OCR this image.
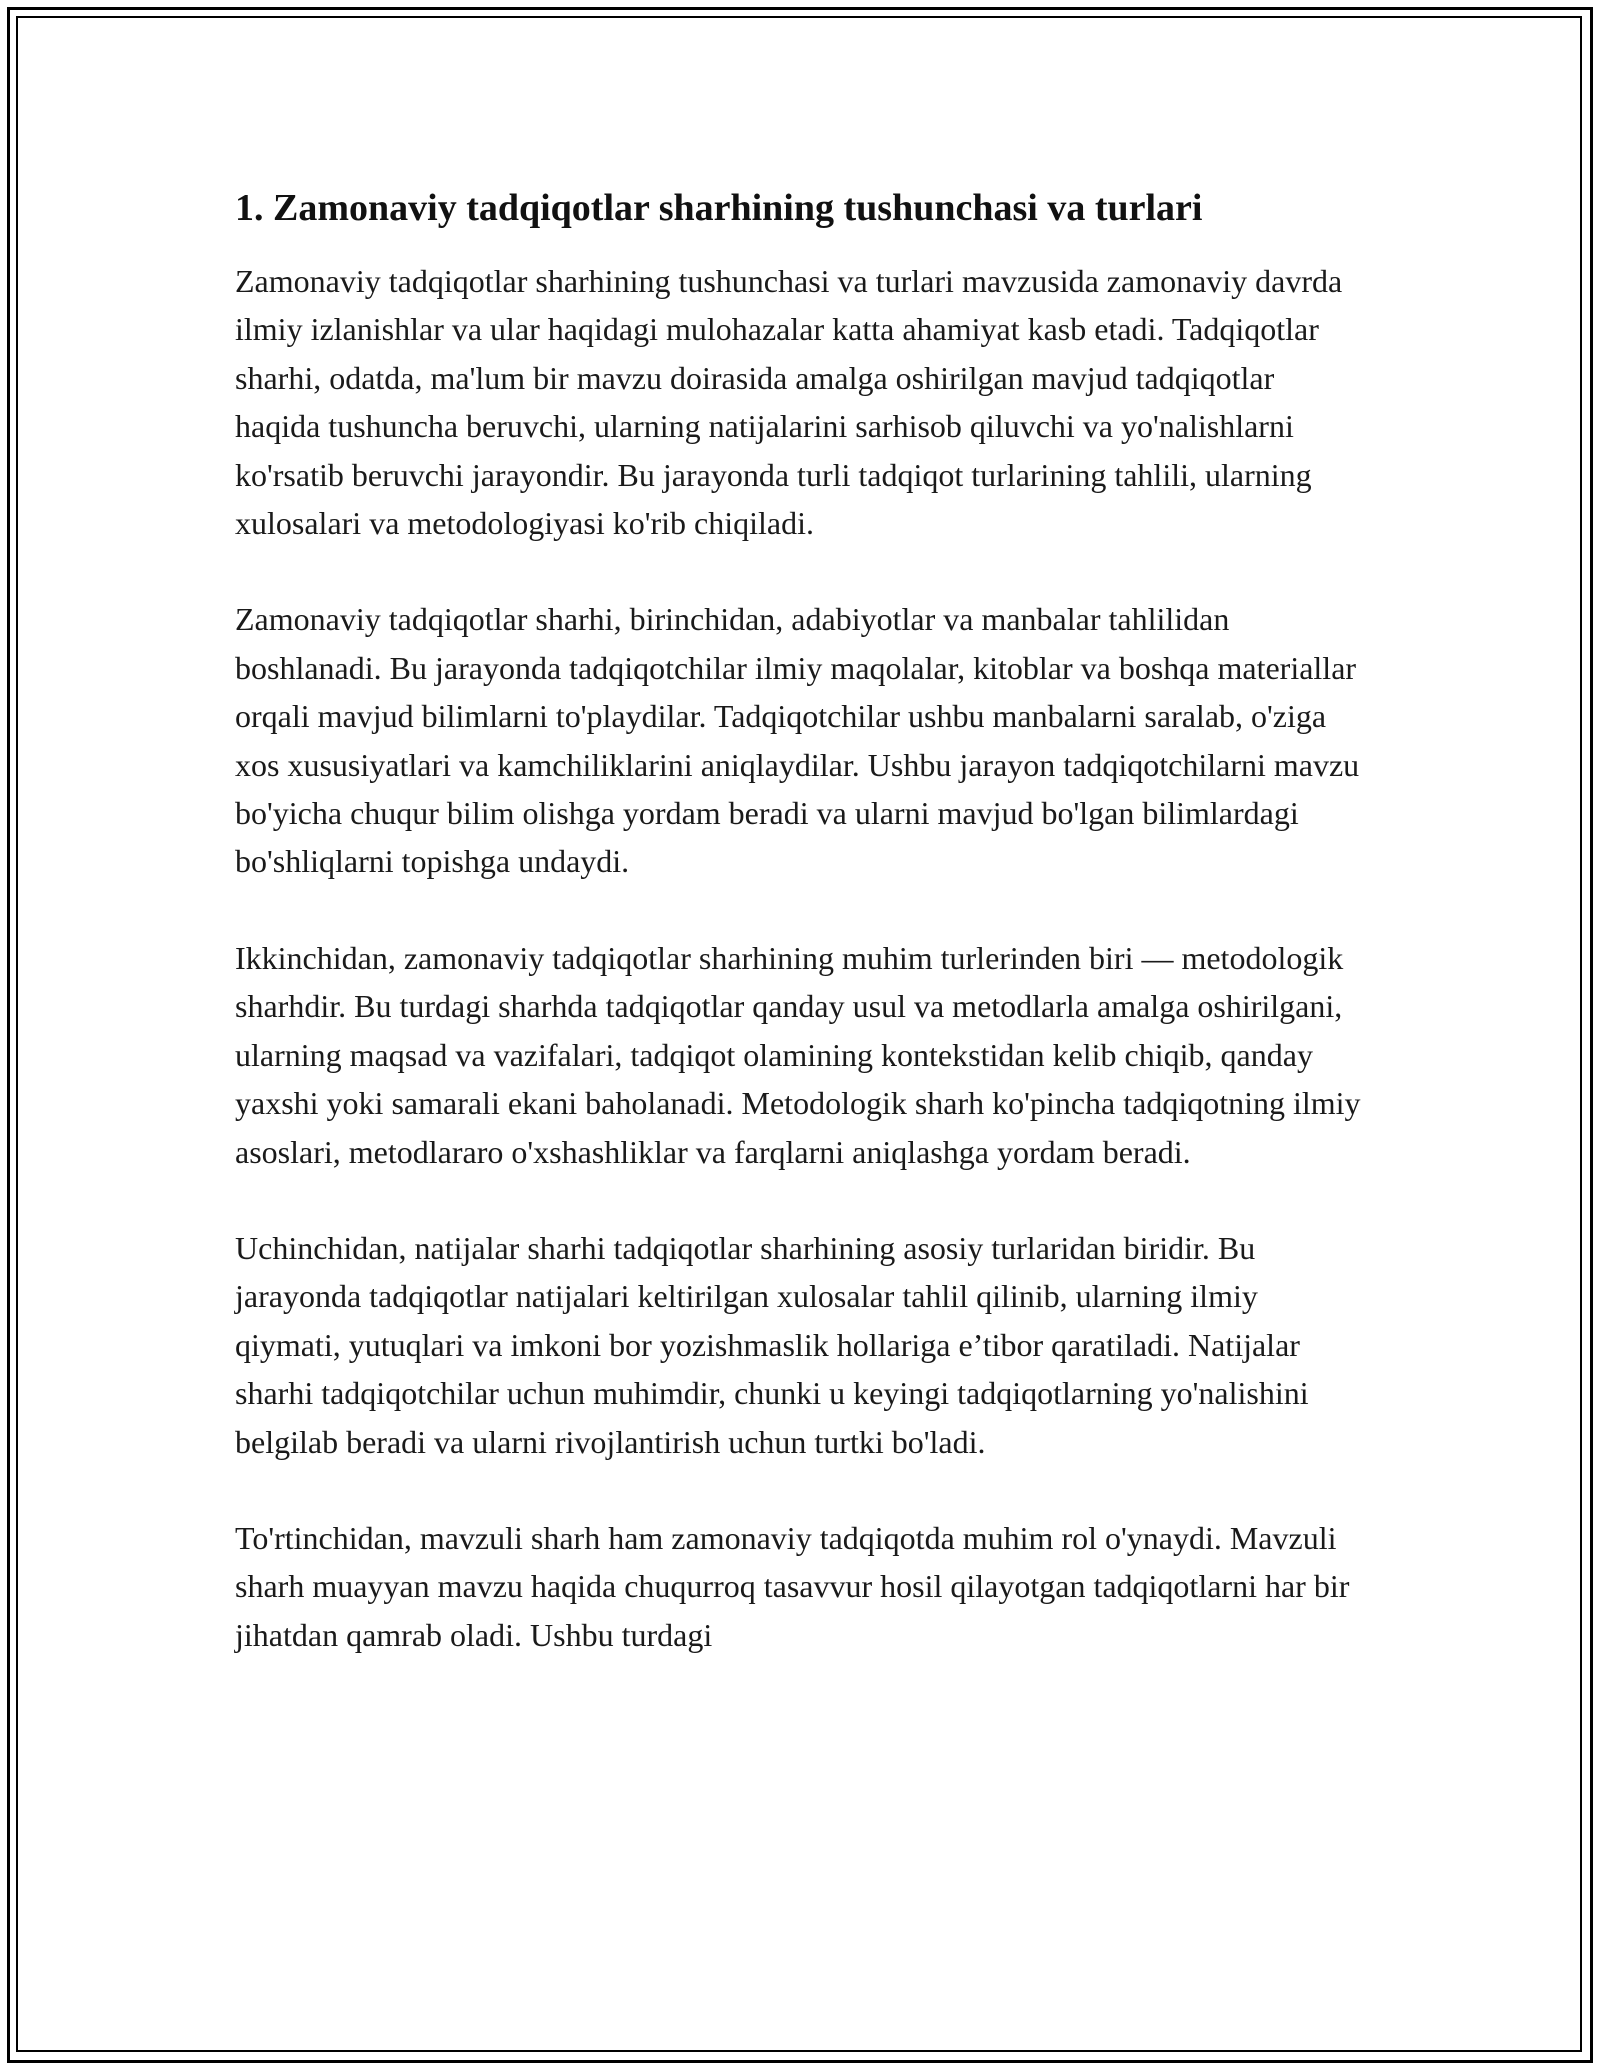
1. Zamonaviy tadqiqotlar sharhining tushunchasi va turlari

Zamonaviy tadqiqotlar sharhining tushunchasi va turlari mavzusida zamonaviy davrda ilmiy izlanishlar va ular haqidagi mulohazalar katta ahamiyat kasb etadi. Tadqiqotlar sharhi, odatda, ma'lum bir mavzu doirasida amalga oshirilgan mavjud tadqiqotlar haqida tushuncha beruvchi, ularning natijalarini sarhisob qiluvchi va yo'nalishlarni ko'rsatib beruvchi jarayondir. Bu jarayonda turli tadqiqot turlarining tahlili, ularning xulosalari va metodologiyasi ko'rib chiqiladi.

Zamonaviy tadqiqotlar sharhi, birinchidan, adabiyotlar va manbalar tahlilidan boshlanadi. Bu jarayonda tadqiqotchilar ilmiy maqolalar, kitoblar va boshqa materiallar orqali mavjud bilimlarni to'playdilar. Tadqiqotchilar ushbu manbalarni saralab, o'ziga xos xususiyatlari va kamchiliklarini aniqlaydilar. Ushbu jarayon tadqiqotchilarni mavzu bo'yicha chuqur bilim olishga yordam beradi va ularni mavjud bo'lgan bilimlardagi bo'shliqlarni topishga undaydi.

Ikkinchidan, zamonaviy tadqiqotlar sharhining muhim turlerinden biri — metodologik sharhdir. Bu turdagi sharhda tadqiqotlar qanday usul va metodlarla amalga oshirilgani, ularning maqsad va vazifalari, tadqiqot olamining kontekstidan kelib chiqib, qanday yaxshi yoki samarali ekani baholanadi. Metodologik sharh ko'pincha tadqiqotning ilmiy asoslari, metodlararo o'xshashliklar va farqlarni aniqlashga yordam beradi.

Uchinchidan, natijalar sharhi tadqiqotlar sharhining asosiy turlaridan biridir. Bu jarayonda tadqiqotlar natijalari keltirilgan xulosalar tahlil qilinib, ularning ilmiy qiymati, yutuqlari va imkoni bor yozishmaslik hollariga e’tibor qaratiladi. Natijalar sharhi tadqiqotchilar uchun muhimdir, chunki u keyingi tadqiqotlarning yo'nalishini belgilab beradi va ularni rivojlantirish uchun turtki bo'ladi.

To'rtinchidan, mavzuli sharh ham zamonaviy tadqiqotda muhim rol o'ynaydi. Mavzuli sharh muayyan mavzu haqida chuqurroq tasavvur hosil qilayotgan tadqiqotlarni har bir jihatdan qamrab oladi. Ushbu turdagi
